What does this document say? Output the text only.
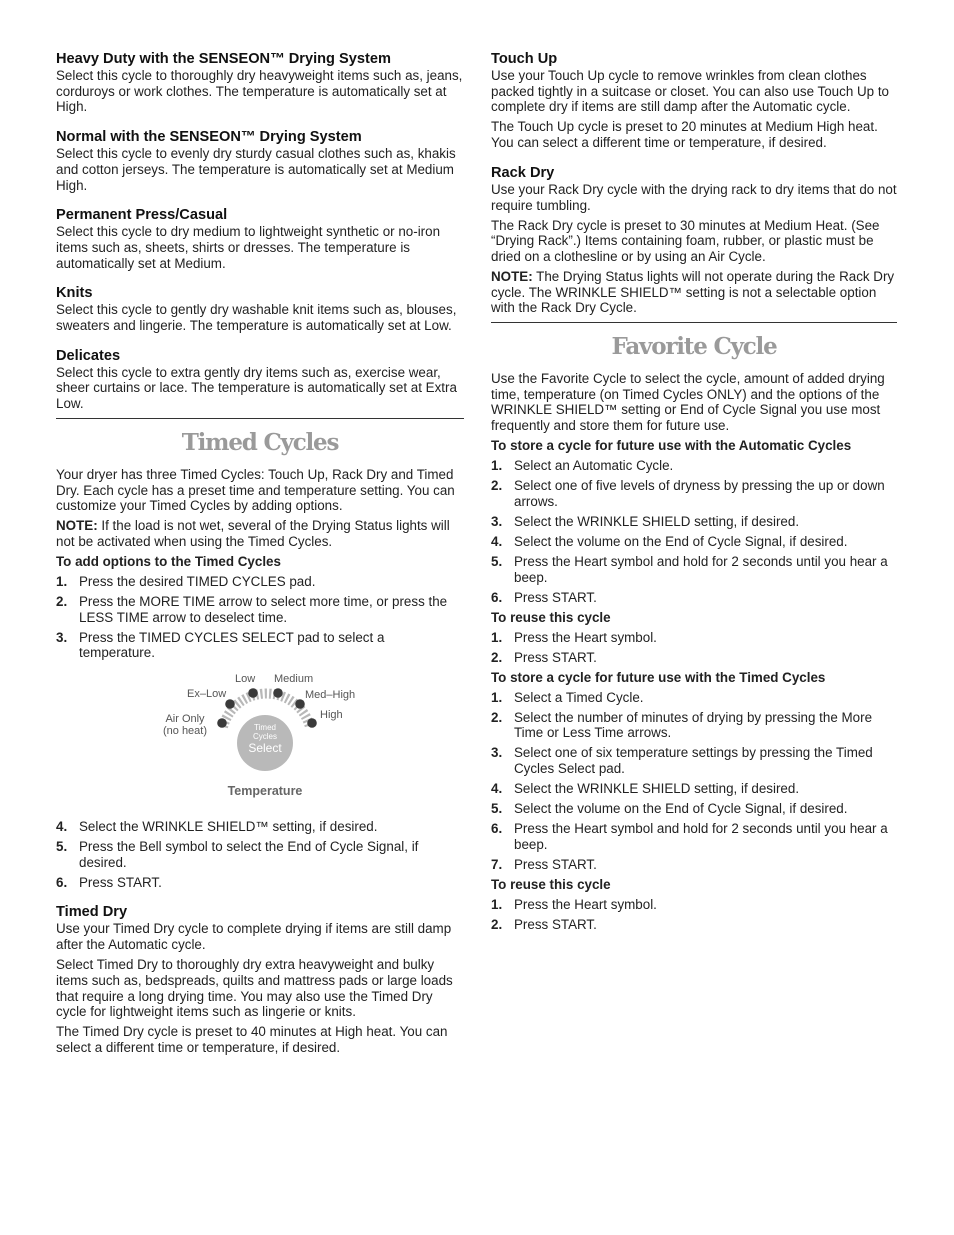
Heavy Duty with the SENSEON™ Drying System

Select this cycle to thoroughly dry heavyweight items such as, jeans, corduroys or work clothes. The temperature is automatically set at High.

Normal with the SENSEON™ Drying System

Select this cycle to evenly dry sturdy casual clothes such as, khakis and cotton jerseys. The temperature is automatically set at Medium High.

Permanent Press/Casual

Select this cycle to dry medium to lightweight synthetic or no-iron items such as, sheets, shirts or dresses. The temperature is automatically set at Medium.

Knits

Select this cycle to gently dry washable knit items such as, blouses, sweaters and lingerie. The temperature is automatically set at Low.

Delicates

Select this cycle to extra gently dry items such as, exercise wear, sheer curtains or lace. The temperature is automatically set at Extra Low.

Timed Cycles

Your dryer has three Timed Cycles: Touch Up, Rack Dry and Timed Dry. Each cycle has a preset time and temperature setting. You can customize your Timed Cycles by adding options.

NOTE: If the load is not wet, several of the Drying Status lights will not be activated when using the Timed Cycles.

To add options to the Timed Cycles
1. Press the desired TIMED CYCLES pad.
2. Press the MORE TIME arrow to select more time, or press the LESS TIME arrow to deselect time.
3. Press the TIMED CYCLES SELECT pad to select a temperature.
Air Only
(no heat)
Ex–Low
Low Medium
Med–High
High
Timed
Cycles
Select
Temperature
4. Select the WRINKLE SHIELD™ setting, if desired.
5. Press the Bell symbol to select the End of Cycle Signal, if desired.
6. Press START.
Timed Dry

Use your Timed Dry cycle to complete drying if items are still damp after the Automatic cycle.

Select Timed Dry to thoroughly dry extra heavyweight and bulky items such as, bedspreads, quilts and mattress pads or large loads that require a long drying time. You may also use the Timed Dry cycle for lightweight items such as lingerie or knits.

The Timed Dry cycle is preset to 40 minutes at High heat. You can select a different time or temperature, if desired.

Touch Up

Use your Touch Up cycle to remove wrinkles from clean clothes packed tightly in a suitcase or closet. You can also use Touch Up to complete dry if items are still damp after the Automatic cycle.

The Touch Up cycle is preset to 20 minutes at Medium High heat. You can select a different time or temperature, if desired.

Rack Dry

Use your Rack Dry cycle with the drying rack to dry items that do not require tumbling.

The Rack Dry cycle is preset to 30 minutes at Medium Heat. (See “Drying Rack”.) Items containing foam, rubber, or plastic must be dried on a clothesline or by using an Air Cycle.

NOTE: The Drying Status lights will not operate during the Rack Dry cycle. The WRINKLE SHIELD™ setting is not a selectable option with the Rack Dry Cycle.

Favorite Cycle

Use the Favorite Cycle to select the cycle, amount of added drying time, temperature (on Timed Cycles ONLY) and the options of the WRINKLE SHIELD™ setting or End of Cycle Signal you use most frequently and store them for future use.

To store a cycle for future use with the Automatic Cycles
1. Select an Automatic Cycle.
2. Select one of five levels of dryness by pressing the up or down arrows.
3. Select the WRINKLE SHIELD setting, if desired.
4. Select the volume on the End of Cycle Signal, if desired.
5. Press the Heart symbol and hold for 2 seconds until you hear a beep.
6. Press START.
To reuse this cycle
1. Press the Heart symbol.
2. Press START.
To store a cycle for future use with the Timed Cycles
1. Select a Timed Cycle.
2. Select the number of minutes of drying by pressing the More Time or Less Time arrows.
3. Select one of six temperature settings by pressing the Timed Cycles Select pad.
4. Select the WRINKLE SHIELD setting, if desired.
5. Select the volume on the End of Cycle Signal, if desired.
6. Press the Heart symbol and hold for 2 seconds until you hear a beep.
7. Press START.
To reuse this cycle
1. Press the Heart symbol.
2. Press START.
